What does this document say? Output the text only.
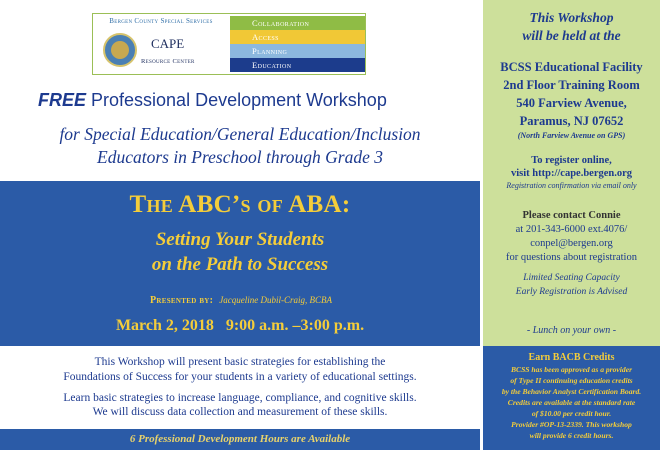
Bergen County Special Services
CAPE
Resource Center
Collaboration
Access
Planning
Education
FREE Professional Development Workshop
for Special Education/General Education/Inclusion
Educators in Preschool through Grade 3
The ABC’s of ABA:
Setting Your Students
on the Path to Success
Presented by: Jacqueline Dubil-Craig, BCBA
March 2, 2018   9:00 a.m. –3:00 p.m.
This Workshop will present basic strategies for establishing the
Foundations of Success for your students in a variety of educational settings.
Learn basic strategies to increase language, compliance, and cognitive skills.
We will discuss data collection and measurement of these skills.
6 Professional Development Hours are Available
This Workshop
will be held at the
BCSS Educational Facility
2nd Floor Training Room
540 Farview Avenue,
Paramus, NJ 07652
(North Farview Avenue on GPS)
To register online,
visit http://cape.bergen.org
Registration confirmation via email only
Please contact Connie
at 201-343-6000 ext.4076/
conpel@bergen.org
for questions about registration
Limited Seating Capacity
Early Registration is Advised
- Lunch on your own -
Earn BACB Credits
BCSS has been approved as a provider
of Type II continuing education credits
by the Behavior Analyst Certification Board.
Credits are available at the standard rate
of $10.00 per credit hour.
Provider #OP-13-2339. This workshop
will provide 6 credit hours.
